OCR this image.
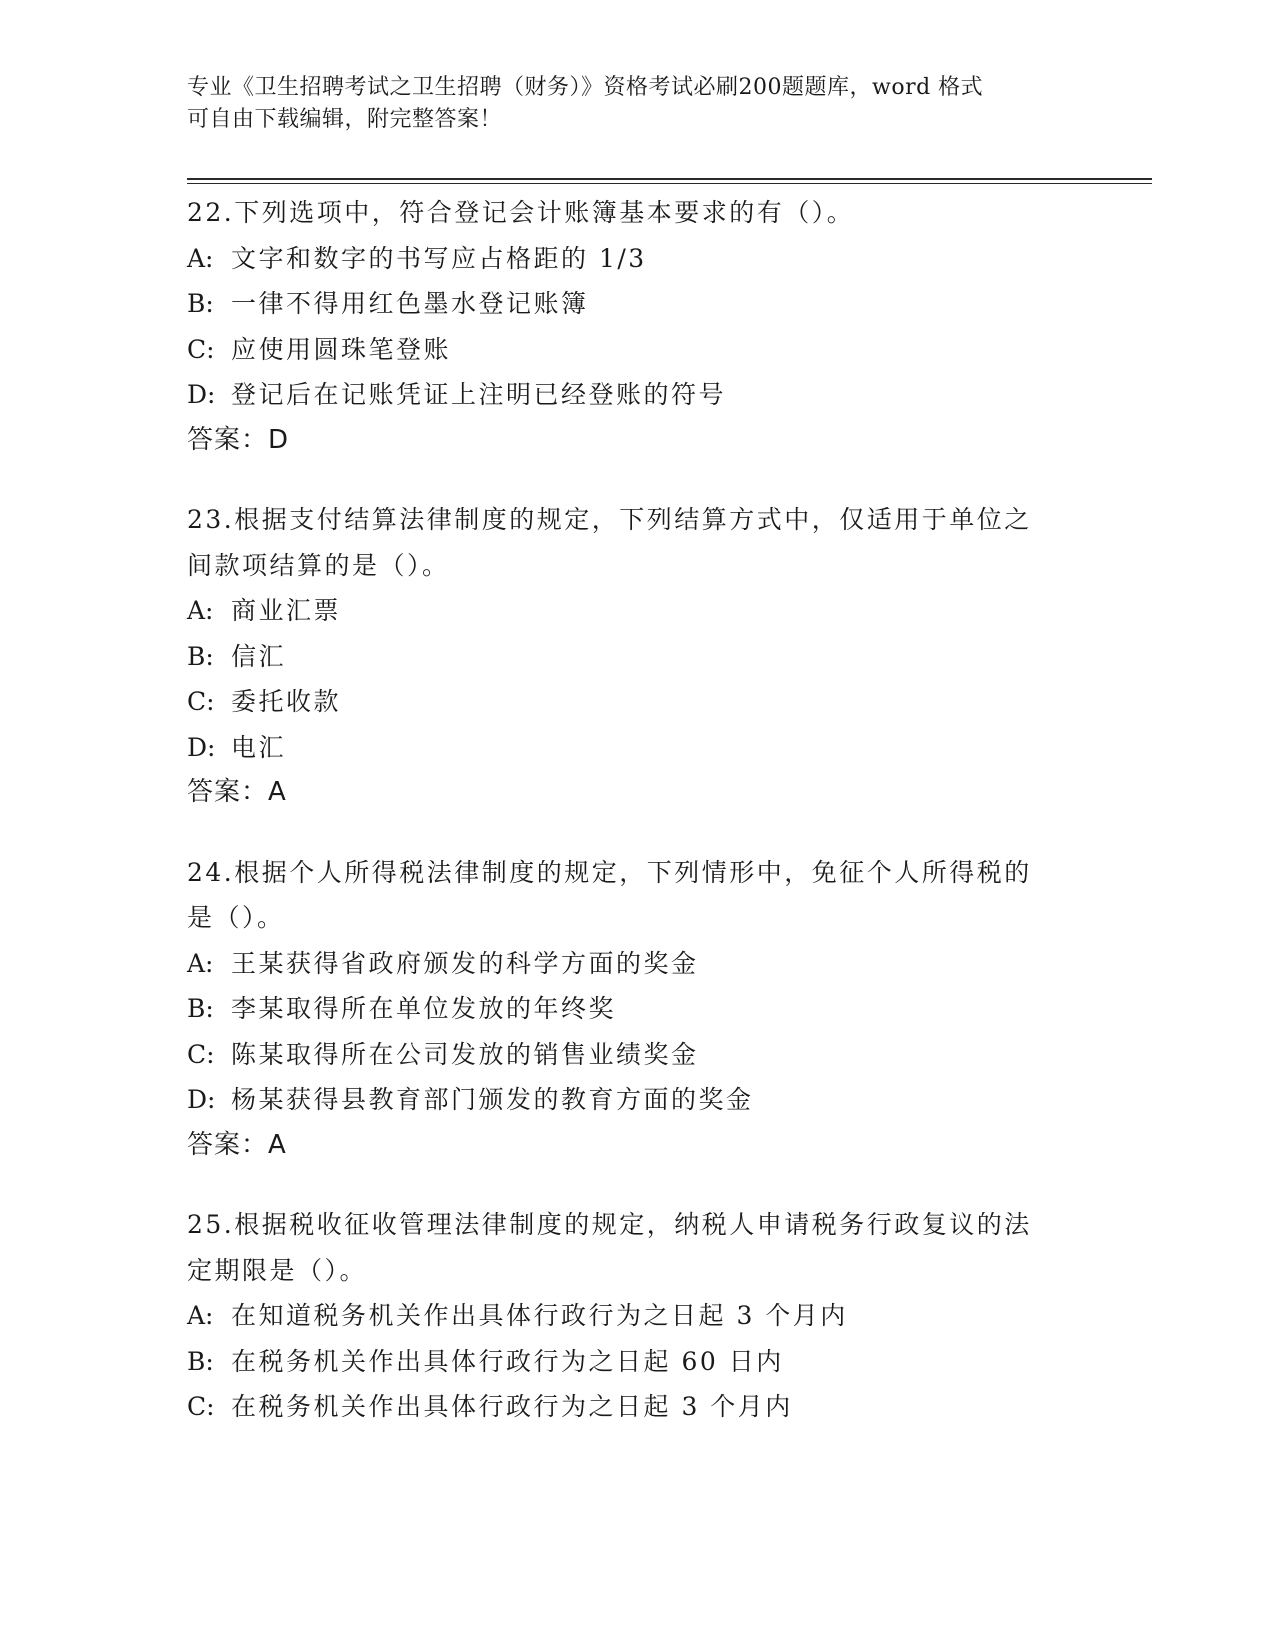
专业《卫生招聘考试之卫生招聘（财务）》资格考试必刷200题题库，word 格式
可自由下载编辑，附完整答案！
22.下列选项中，符合登记会计账簿基本要求的有（）。
A: 文字和数字的书写应占格距的 1/3
B: 一律不得用红色墨水登记账簿
C: 应使用圆珠笔登账
D: 登记后在记账凭证上注明已经登账的符号
答案：D
23.根据支付结算法律制度的规定，下列结算方式中，仅适用于单位之
间款项结算的是（）。
A: 商业汇票
B: 信汇
C: 委托收款
D: 电汇
答案：A
24.根据个人所得税法律制度的规定，下列情形中，免征个人所得税的
是（）。
A: 王某获得省政府颁发的科学方面的奖金
B: 李某取得所在单位发放的年终奖
C: 陈某取得所在公司发放的销售业绩奖金
D: 杨某获得县教育部门颁发的教育方面的奖金
答案：A
25.根据税收征收管理法律制度的规定，纳税人申请税务行政复议的法
定期限是（）。
A: 在知道税务机关作出具体行政行为之日起 3 个月内
B: 在税务机关作出具体行政行为之日起 60 日内
C: 在税务机关作出具体行政行为之日起 3 个月内
